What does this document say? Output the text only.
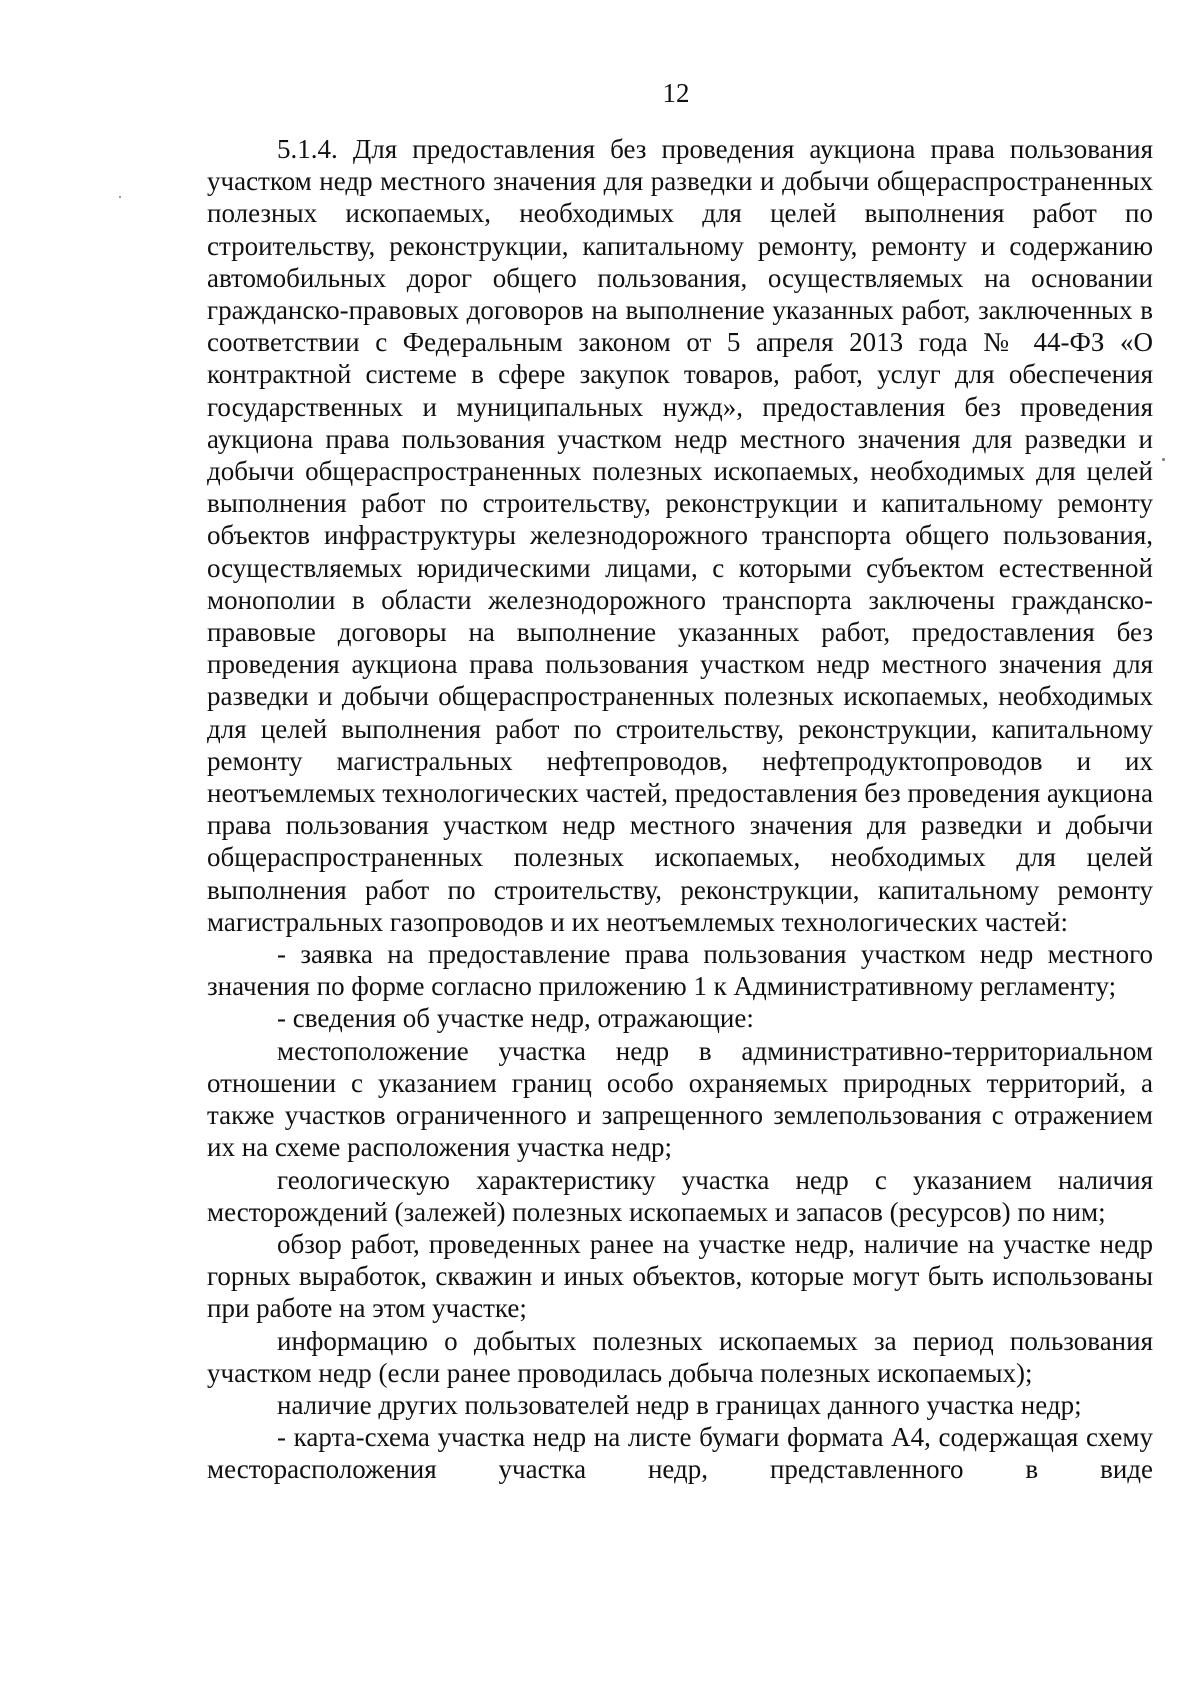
12

5.1.4. Для предоставления без проведения аукциона права пользования участком недр местного значения для разведки и добычи общераспространенных полезных ископаемых, необходимых для целей выполнения работ по строительству, реконструкции, капитальному ремонту, ремонту и содержанию автомобильных дорог общего пользования, осуществляемых на основании гражданско-правовых договоров на выполнение указанных работ, заключенных в соответствии с Федеральным законом от 5 апреля 2013 года № 44-ФЗ «О контрактной системе в сфере закупок товаров, работ, услуг для обеспечения государственных и муниципальных нужд», предоставления без проведения аукциона права пользования участком недр местного значения для разведки и добычи общераспространенных полезных ископаемых, необходимых для целей выполнения работ по строительству, реконструкции и капитальному ремонту объектов инфраструктуры железнодорожного транспорта общего пользования, осуществляемых юридическими лицами, с которыми субъектом естественной монополии в области железнодорожного транспорта заключены гражданско-правовые договоры на выполнение указанных работ, предоставления без проведения аукциона права пользования участком недр местного значения для разведки и добычи общераспространенных полезных ископаемых, необходимых для целей выполнения работ по строительству, реконструкции, капитальному ремонту магистральных нефтепроводов, нефтепродуктопроводов и их неотъемлемых технологических частей, предоставления без проведения аукциона права пользования участком недр местного значения для разведки и добычи общераспространенных полезных ископаемых, необходимых для целей выполнения работ по строительству, реконструкции, капитальному ремонту магистральных газопроводов и их неотъемлемых технологических частей:

- заявка на предоставление права пользования участком недр местного значения по форме согласно приложению 1 к Административному регламенту;

- сведения об участке недр, отражающие:

местоположение участка недр в административно-территориальном отношении с указанием границ особо охраняемых природных территорий, а также участков ограниченного и запрещенного землепользования с отражением их на схеме расположения участка недр;

геологическую характеристику участка недр с указанием наличия месторождений (залежей) полезных ископаемых и запасов (ресурсов) по ним;

обзор работ, проведенных ранее на участке недр, наличие на участке недр горных выработок, скважин и иных объектов, которые могут быть использованы при работе на этом участке;

информацию о добытых полезных ископаемых за период пользования участком недр (если ранее проводилась добыча полезных ископаемых);

наличие других пользователей недр в границах данного участка недр;

- карта-схема участка недр на листе бумаги формата А4, содержащая схему месторасположения участка недр, представленного в виде
